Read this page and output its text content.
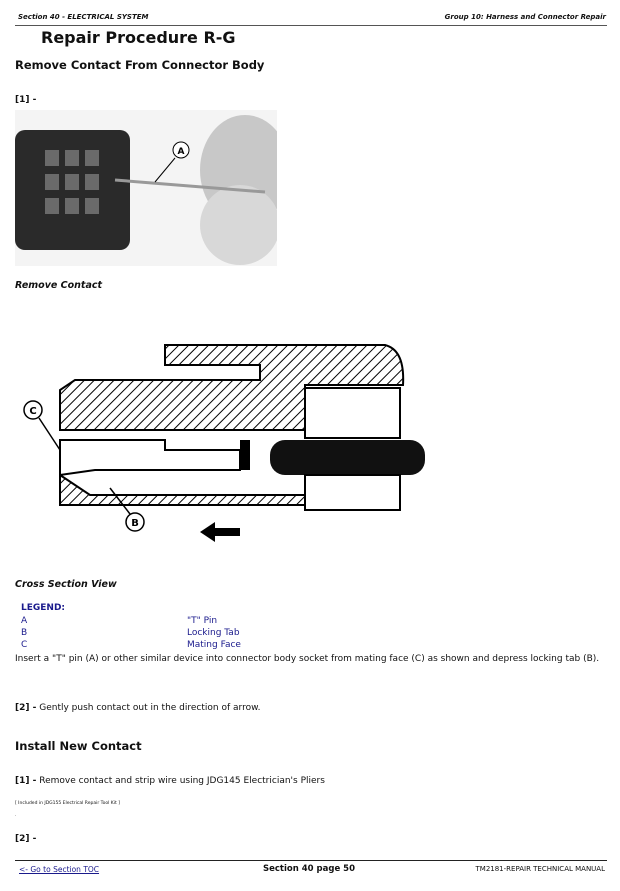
Section 40 - ELECTRICAL SYSTEM	Group 10: Harness and Connector Repair
Repair Procedure R-G
Remove Contact From Connector Body
[1] -
A
Remove Contact
C
B
Cross Section View
LEGEND:
A	"T" Pin
B	Locking Tab
C	Mating Face
Insert a "T" pin (A) or other similar device into connector body socket from mating face (C) as shown and depress locking tab (B).
[2] - Gently push contact out in the direction of arrow.
Install New Contact
[1] - Remove contact and strip wire using JDG145 Electrician's Pliers
[ Included in JDG155 Electrical Repair Tool Kit ]
.
[2] -
<- Go to Section TOC	Section 40 page 50	TM2181-REPAIR TECHNICAL MANUAL
